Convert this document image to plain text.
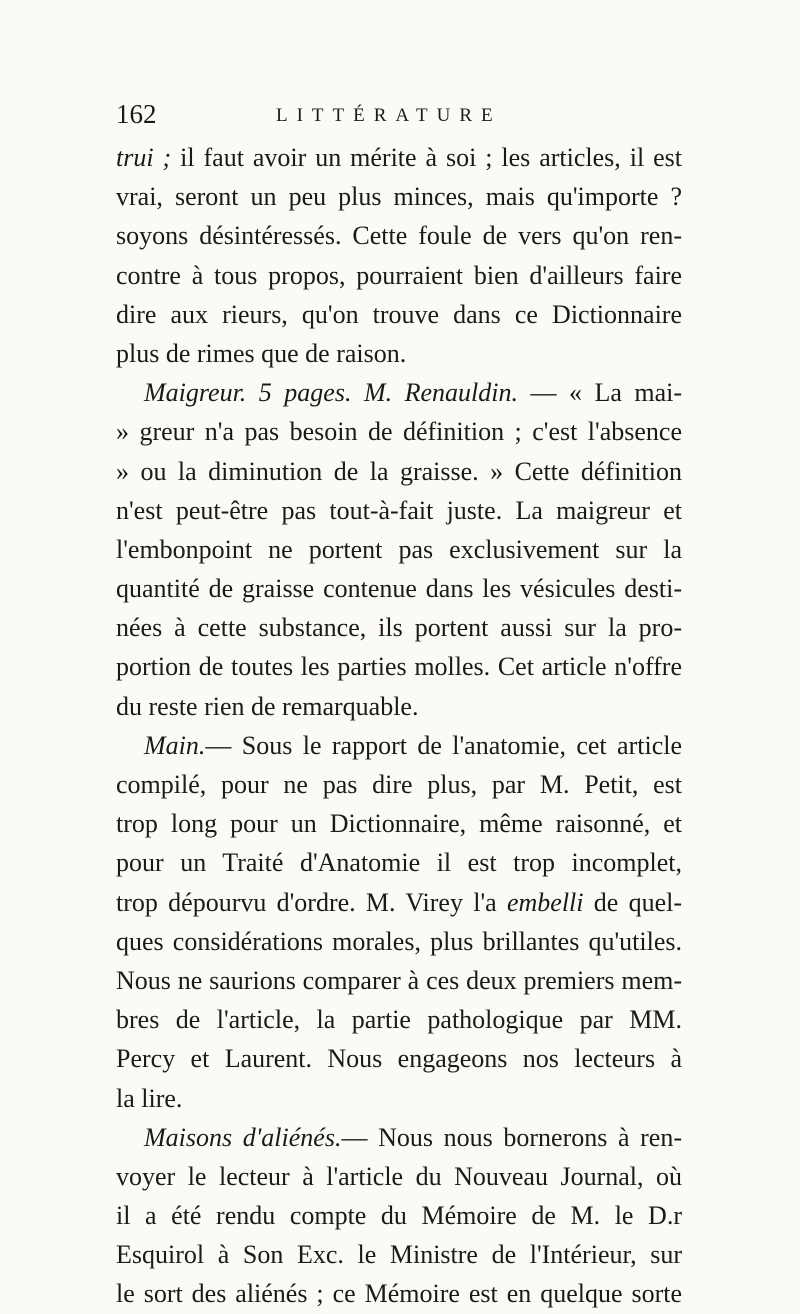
162	LITTÉRATURE
trui ; il faut avoir un mérite à soi ; les articles, il est
vrai, seront un peu plus minces, mais qu'importe ?
soyons désintéressés. Cette foule de vers qu'on ren-
contre à tous propos, pourraient bien d'ailleurs faire
dire aux rieurs, qu'on trouve dans ce Dictionnaire
plus de rimes que de raison.
Maigreur. 5 pages. M. Renauldin. — « La mai-
» greur n'a pas besoin de définition ; c'est l'absence
» ou la diminution de la graisse. » Cette définition
n'est peut-être pas tout-à-fait juste. La maigreur et
l'embonpoint ne portent pas exclusivement sur la
quantité de graisse contenue dans les vésicules desti-
nées à cette substance, ils portent aussi sur la pro-
portion de toutes les parties molles. Cet article n'offre
du reste rien de remarquable.
Main.— Sous le rapport de l'anatomie, cet article
compilé, pour ne pas dire plus, par M. Petit, est
trop long pour un Dictionnaire, même raisonné, et
pour un Traité d'Anatomie il est trop incomplet,
trop dépourvu d'ordre. M. Virey l'a embelli de quel-
ques considérations morales, plus brillantes qu'utiles.
Nous ne saurions comparer à ces deux premiers mem-
bres de l'article, la partie pathologique par MM.
Percy et Laurent. Nous engageons nos lecteurs à
la lire.
Maisons d'aliénés.— Nous nous bornerons à ren-
voyer le lecteur à l'article du Nouveau Journal, où
il a été rendu compte du Mémoire de M. le D.r
Esquirol à Son Exc. le Ministre de l'Intérieur, sur
le sort des aliénés ; ce Mémoire est en quelque sorte
